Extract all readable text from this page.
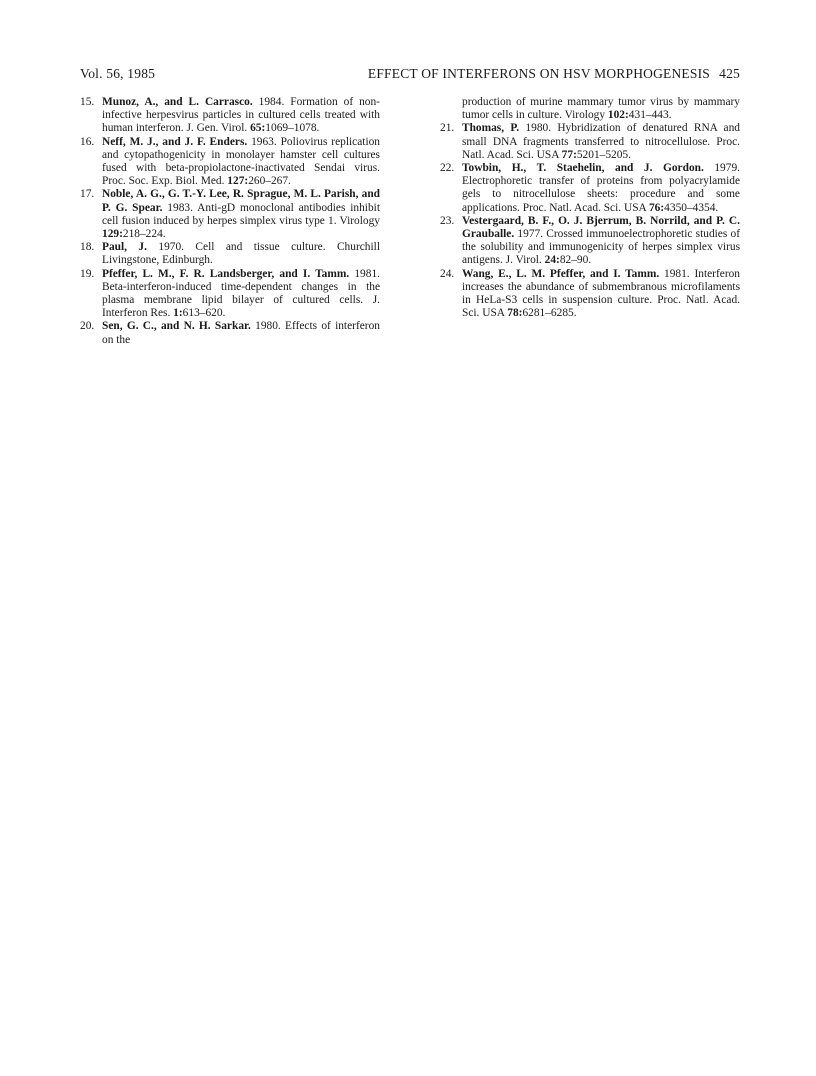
Vol. 56, 1985	EFFECT OF INTERFERONS ON HSV MORPHOGENESIS 425
15. Munoz, A., and L. Carrasco. 1984. Formation of non-infective herpesvirus particles in cultured cells treated with human interferon. J. Gen. Virol. 65:1069–1078.
16. Neff, M. J., and J. F. Enders. 1963. Poliovirus replication and cytopathogenicity in monolayer hamster cell cultures fused with beta-propiolactone-inactivated Sendai virus. Proc. Soc. Exp. Biol. Med. 127:260–267.
17. Noble, A. G., G. T.-Y. Lee, R. Sprague, M. L. Parish, and P. G. Spear. 1983. Anti-gD monoclonal antibodies inhibit cell fusion induced by herpes simplex virus type 1. Virology 129:218–224.
18. Paul, J. 1970. Cell and tissue culture. Churchill Livingstone, Edinburgh.
19. Pfeffer, L. M., F. R. Landsberger, and I. Tamm. 1981. Beta-interferon-induced time-dependent changes in the plasma membrane lipid bilayer of cultured cells. J. Interferon Res. 1:613–620.
20. Sen, G. C., and N. H. Sarkar. 1980. Effects of interferon on the
production of murine mammary tumor virus by mammary tumor cells in culture. Virology 102:431–443.
21. Thomas, P. 1980. Hybridization of denatured RNA and small DNA fragments transferred to nitrocellulose. Proc. Natl. Acad. Sci. USA 77:5201–5205.
22. Towbin, H., T. Staehelin, and J. Gordon. 1979. Electrophoretic transfer of proteins from polyacrylamide gels to nitrocellulose sheets: procedure and some applications. Proc. Natl. Acad. Sci. USA 76:4350–4354.
23. Vestergaard, B. F., O. J. Bjerrum, B. Norrild, and P. C. Grauballe. 1977. Crossed immunoelectrophoretic studies of the solubility and immunogenicity of herpes simplex virus antigens. J. Virol. 24:82–90.
24. Wang, E., L. M. Pfeffer, and I. Tamm. 1981. Interferon increases the abundance of submembranous microfilaments in HeLa-S3 cells in suspension culture. Proc. Natl. Acad. Sci. USA 78:6281–6285.
